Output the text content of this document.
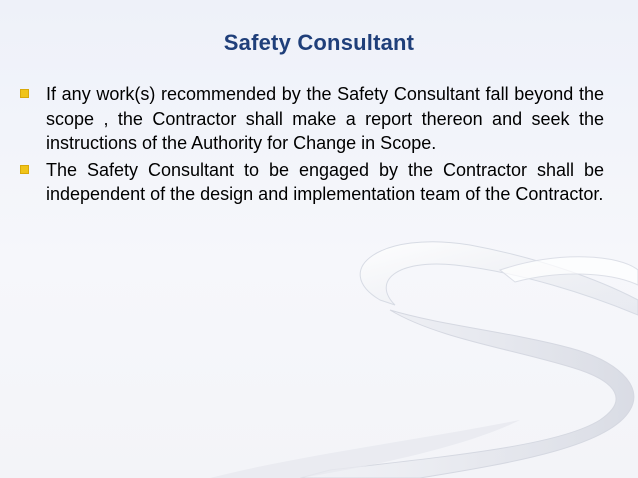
Safety Consultant
If any work(s) recommended by the Safety Consultant fall beyond the scope , the Contractor shall make a report thereon and seek the instructions of the Authority for Change in Scope.
The Safety Consultant to be engaged by the Contractor shall be independent of the design and implementation team of the Contractor.
